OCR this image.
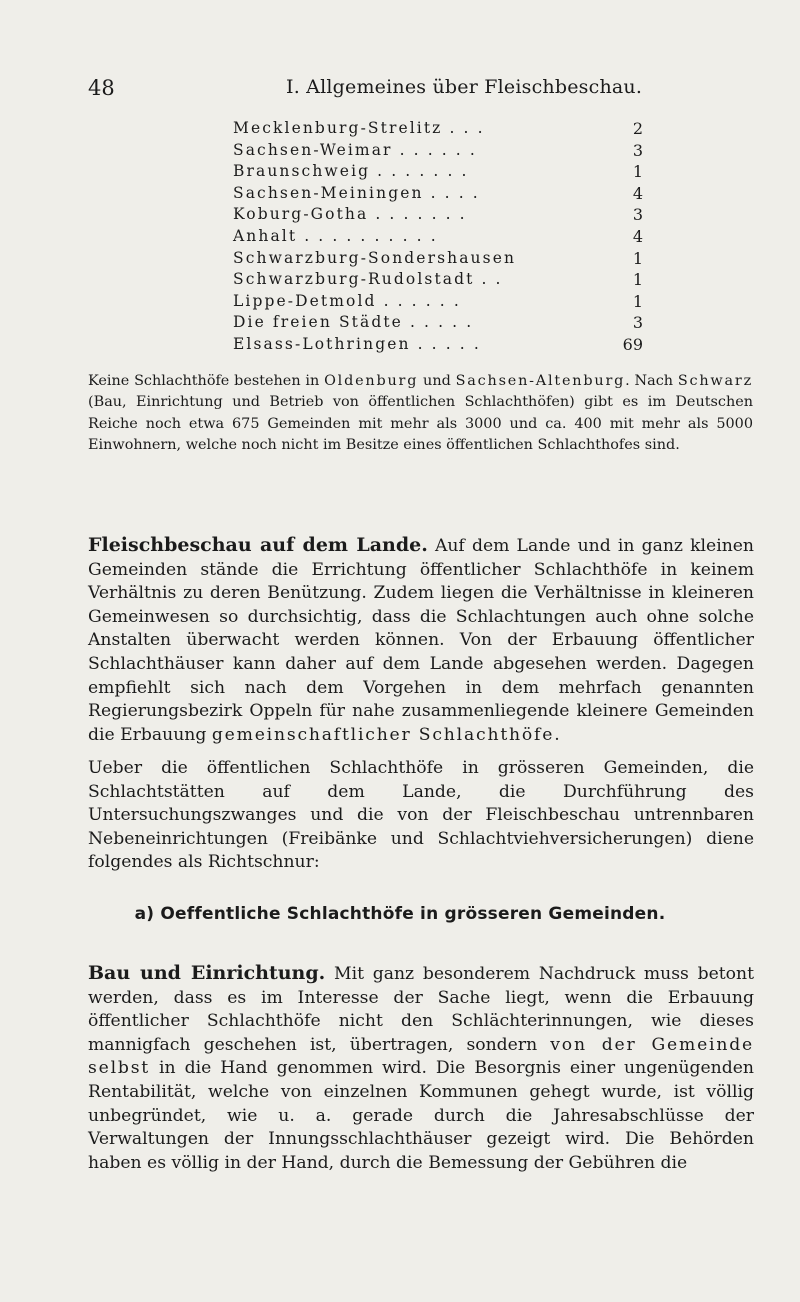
48	I. Allgemeines über Fleischbeschau.
Mecklenburg-Strelitz . . .	2
Sachsen-Weimar . . . . . .	3
Braunschweig . . . . . . .	1
Sachsen-Meiningen . . . .	4
Koburg-Gotha . . . . . . .	3
Anhalt . . . . . . . . . .	4
Schwarzburg-Sondershausen	1
Schwarzburg-Rudolstadt . .	1
Lippe-Detmold . . . . . .	1
Die freien Städte . . . . .	3
Elsass-Lothringen . . . . .	69

Keine Schlachthöfe bestehen in Oldenburg und Sachsen-Altenburg. Nach Schwarz (Bau, Einrichtung und Betrieb von öffentlichen Schlachthöfen) gibt es im Deutschen Reiche noch etwa 675 Gemeinden mit mehr als 3000 und ca. 400 mit mehr als 5000 Einwohnern, welche noch nicht im Besitze eines öffentlichen Schlachthofes sind.

Fleischbeschau auf dem Lande. Auf dem Lande und in ganz kleinen Gemeinden stände die Errichtung öffentlicher Schlachthöfe in keinem Verhältnis zu deren Benützung. Zudem liegen die Verhältnisse in kleineren Gemeinwesen so durchsichtig, dass die Schlachtungen auch ohne solche Anstalten überwacht werden können. Von der Erbauung öffentlicher Schlachthäuser kann daher auf dem Lande abgesehen werden. Dagegen empfiehlt sich nach dem Vorgehen in dem mehrfach genannten Regierungsbezirk Oppeln für nahe zusammenliegende kleinere Gemeinden die Erbauung gemeinschaftlicher Schlachthöfe.

Ueber die öffentlichen Schlachthöfe in grösseren Gemeinden, die Schlachtstätten auf dem Lande, die Durchführung des Untersuchungszwanges und die von der Fleischbeschau untrennbaren Nebeneinrichtungen (Freibänke und Schlachtviehversicherungen) diene folgendes als Richtschnur:

a) Oeffentliche Schlachthöfe in grösseren Gemeinden.

Bau und Einrichtung. Mit ganz besonderem Nachdruck muss betont werden, dass es im Interesse der Sache liegt, wenn die Erbauung öffentlicher Schlachthöfe nicht den Schlächterinnungen, wie dieses mannigfach geschehen ist, übertragen, sondern von der Gemeinde selbst in die Hand genommen wird. Die Besorgnis einer ungenügenden Rentabilität, welche von einzelnen Kommunen gehegt wurde, ist völlig unbegründet, wie u. a. gerade durch die Jahresabschlüsse der Verwaltungen der Innungsschlachthäuser gezeigt wird. Die Behörden haben es völlig in der Hand, durch die Bemessung der Gebühren die
